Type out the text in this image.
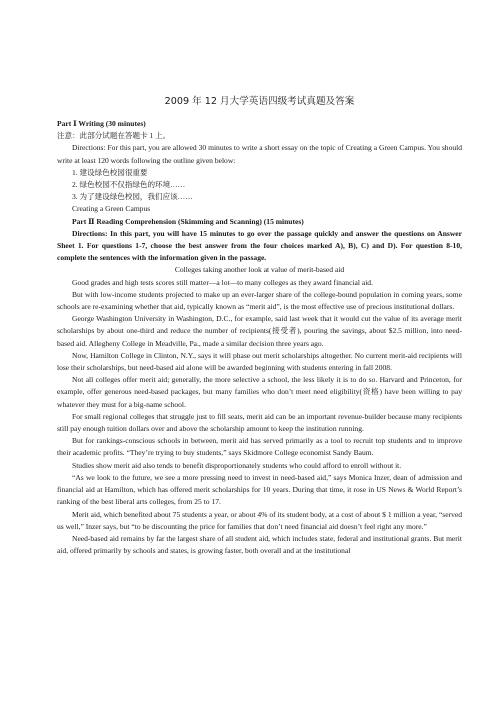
2009 年 12 月大学英语四级考试真题及答案

Part Ⅰ Writing (30 minutes)

注意：此部分试题在答题卡 1 上。

Directions: For this part, you are allowed 30 minutes to write a short essay on the topic of Creating a Green Campus. You should write at least 120 words following the outline given below:

1. 建设绿色校园很重要

2. 绿色校园不仅指绿色的环境……

3. 为了建设绿色校园，我们应该……

Creating a Green Campus

Part Ⅱ Reading Comprehension (Skimming and Scanning) (15 minutes)

Directions: In this part, you will have 15 minutes to go over the passage quickly and answer the questions on Answer Sheet 1. For questions 1-7, choose the best answer from the four choices marked A), B), C) and D). For question 8-10, complete the sentences with the information given in the passage.

Colleges taking another look at value of merit-based aid

Good grades and high tests scores still matter—a lot—to many colleges as they award financial aid.

But with low-income students projected to make up an ever-larger share of the college-bound population in coming years, some schools are re-examining whether that aid, typically known as “merit aid”, is the most effective use of precious institutional dollars.

George Washington University in Washington, D.C., for example, said last week that it would cut the value of its average merit scholarships by about one-third and reduce the number of recipients(接受者), pouring the savings, about $2.5 million, into need-based aid. Allegheny College in Meadville, Pa., made a similar decision three years ago.

Now, Hamilton College in Clinton, N.Y., says it will phase out merit scholarships altogether. No current merit-aid recipients will lose their scholarships, but need-based aid alone will be awarded beginning with students entering in fall 2008.

Not all colleges offer merit aid; generally, the more selective a school, the less likely it is to do so. Harvard and Princeton, for example, offer generous need-based packages, but many families who don’t meet need eligibility(资格) have been willing to pay whatever they must for a big-name school.

For small regional colleges that struggle just to fill seats, merit aid can be an important revenue-builder because many recipients still pay enough tuition dollars over and above the scholarship amount to keep the institution running.

But for rankings-conscious schools in between, merit aid has served primarily as a tool to recruit top students and to improve their academic profits. “They’re trying to buy students,” says Skidmore College economist Sandy Baum.

Studies show merit aid also tends to benefit disproportionately students who could afford to enroll without it.

“As we look to the future, we see a more pressing need to invest in need-based aid,” says Monica Inzer, dean of admission and financial aid at Hamilton, which has offered merit scholarships for 10 years. During that time, it rose in US News & World Report’s ranking of the best liberal arts colleges, from 25 to 17.

Merit aid, which benefited about 75 students a year, or about 4% of its student body, at a cost of about $ 1 million a year, “served us well,” Inzer says, but “to be discounting the price for families that don’t need financial aid doesn’t feel right any more.”

Need-based aid remains by far the largest share of all student aid, which includes state, federal and institutional grants. But merit aid, offered primarily by schools and states, is growing faster, both overall and at the institutional
